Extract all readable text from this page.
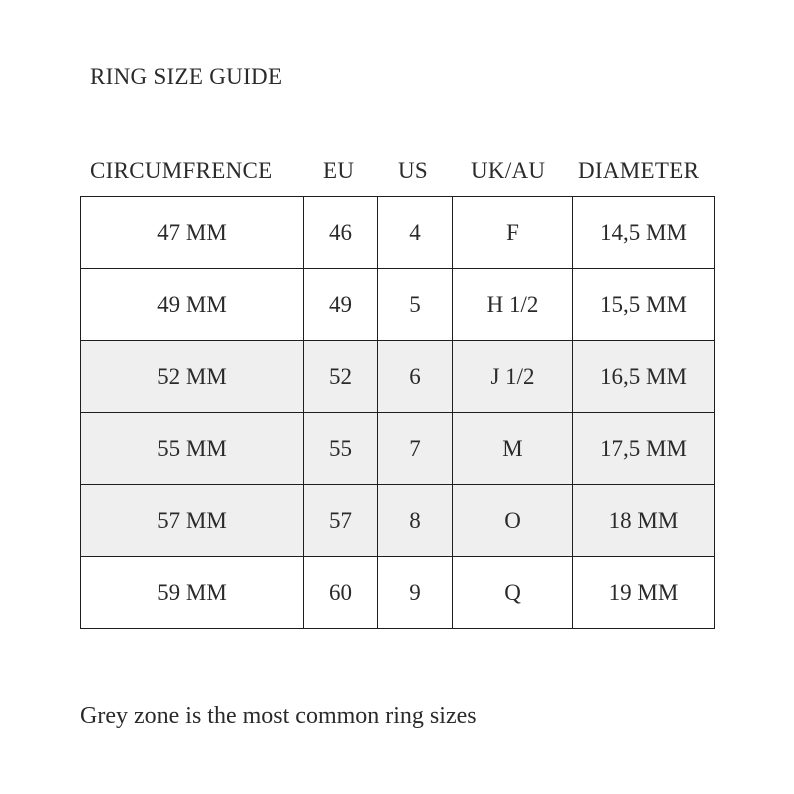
RING SIZE GUIDE
CIRCUMFRENCE EU US UK/AU DIAMETER
47 MM	46	4	F	14,5 MM
49 MM	49	5	H 1/2	15,5 MM
52 MM	52	6	J 1/2	16,5 MM
55 MM	55	7	M	17,5 MM
57 MM	57	8	O	18 MM
59 MM	60	9	Q	19 MM
Grey zone is the most common ring sizes
